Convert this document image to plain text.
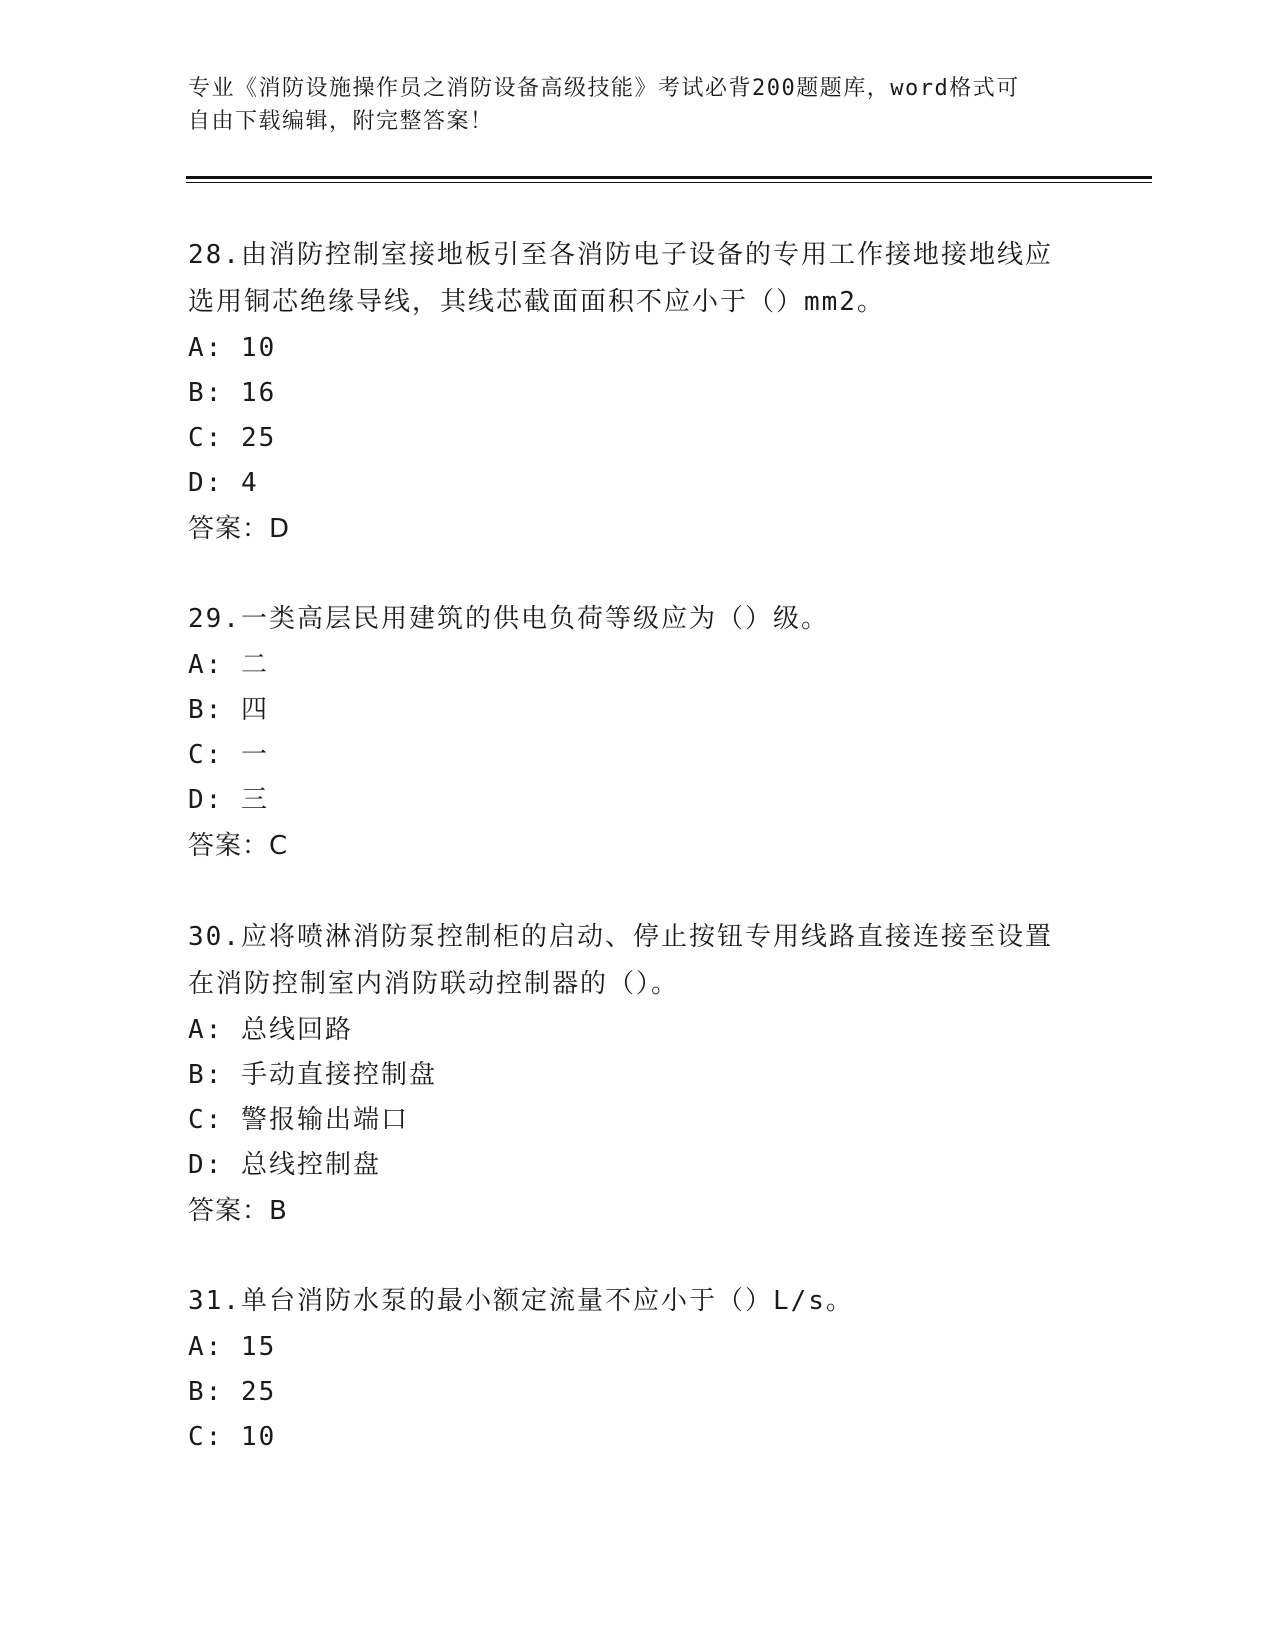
专业《消防设施操作员之消防设备高级技能》考试必背200题题库，word格式可
自由下载编辑，附完整答案！

28.由消防控制室接地板引至各消防电子设备的专用工作接地接地线应

选用铜芯绝缘导线，其线芯截面面积不应小于（）mm2。

A: 10

B: 16

C: 25

D: 4

答案：D

29.一类高层民用建筑的供电负荷等级应为（）级。

A: 二

B: 四

C: 一

D: 三

答案：C

30.应将喷淋消防泵控制柜的启动、停止按钮专用线路直接连接至设置

在消防控制室内消防联动控制器的（）。

A: 总线回路

B: 手动直接控制盘

C: 警报输出端口

D: 总线控制盘

答案：B

31.单台消防水泵的最小额定流量不应小于（）L/s。

A: 15

B: 25

C: 10
